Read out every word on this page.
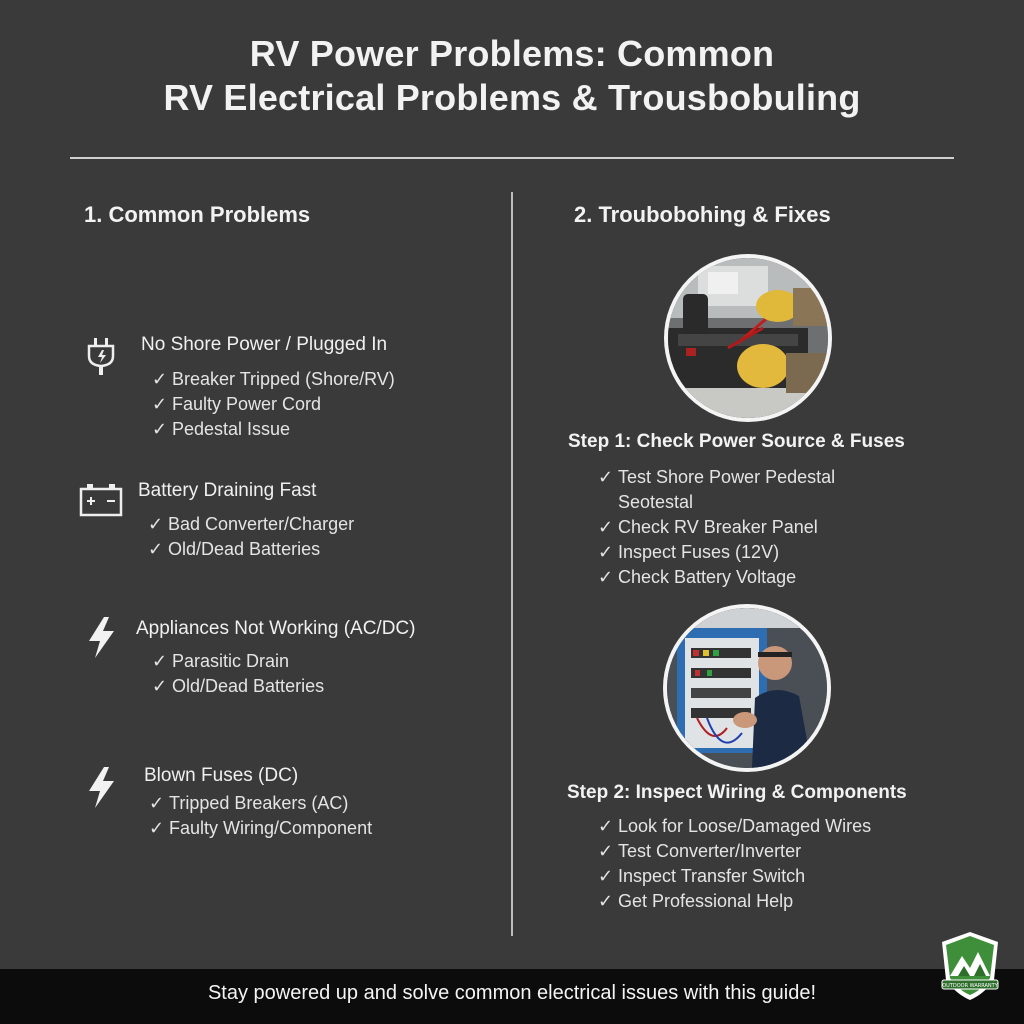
RV Power Problems: Common
RV Electrical Problems & Trousbobuling
1. Common Problems
No Shore Power / Plugged In
✓ Breaker Tripped (Shore/RV)
✓ Faulty Power Cord
✓ Pedestal Issue
Battery Draining Fast
✓ Bad Converter/Charger
✓ Old/Dead Batteries
Appliances Not Working (AC/DC)
✓ Parasitic Drain
✓ Old/Dead Batteries
Blown Fuses (DC)
✓ Tripped Breakers (AC)
✓ Faulty Wiring/Component
2. Troubobohing & Fixes
Step 1: Check Power Source & Fuses
✓ Test Shore Power Pedestal
Seotestal
✓ Check RV Breaker Panel
✓ Inspect Fuses (12V)
✓ Check Battery Voltage
Step 2: Inspect Wiring & Components
✓ Look for Loose/Damaged Wires
✓ Test Converter/Inverter
✓ Inspect Transfer Switch
✓ Get Professional Help
Stay powered up and solve common electrical issues with this guide!	OUTDOOR WARRANTY
